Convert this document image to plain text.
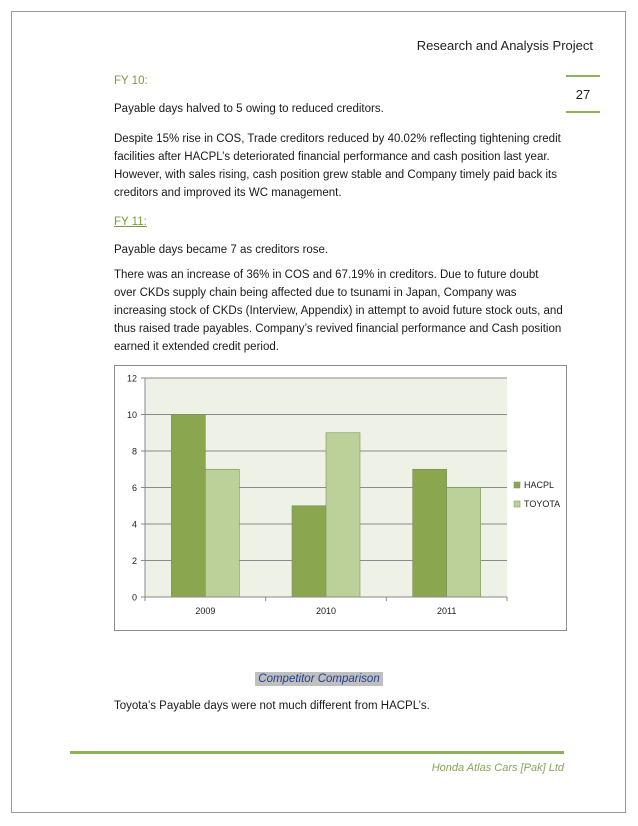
Research and Analysis Project
27
FY 10:
Payable days halved to 5 owing to reduced creditors.
Despite 15% rise in COS, Trade creditors reduced by 40.02% reflecting tightening credit facilities after HACPL’s deteriorated financial performance and cash position last year. However, with sales rising, cash position grew stable and Company timely paid back its creditors and improved its WC management.
FY 11:
Payable days became 7 as creditors rose.
There was an increase of 36% in COS and 67.19% in creditors. Due to future doubt over CKDs supply chain being affected due to tsunami in Japan, Company was increasing stock of CKDs (Interview, Appendix) in attempt to avoid future stock outs, and thus raised trade payables. Company’s revived financial performance and Cash position earned it extended credit period.
0
2
4
6
8
10
12
2009	2010	2011
HACPL
TOYOTA
Competitor Comparison
Toyota’s Payable days were not much different from HACPL’s.
Honda Atlas Cars [Pak] Ltd
